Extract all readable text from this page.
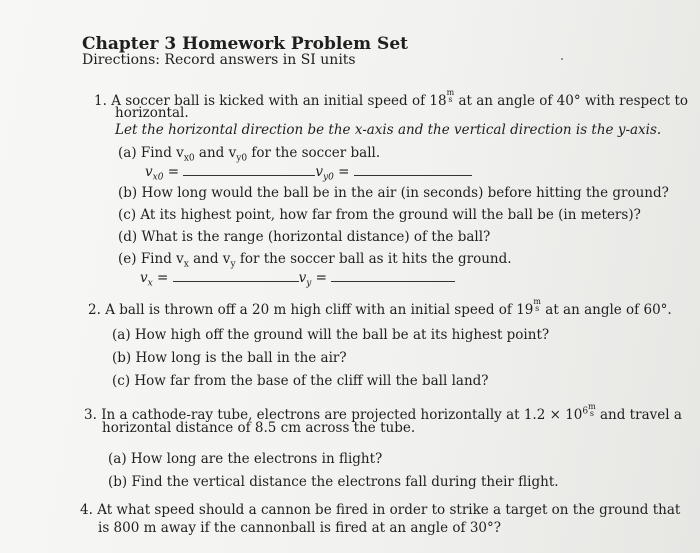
Chapter 3 Homework Problem Set
Directions: Record answers in SI units
1. A soccer ball is kicked with an initial speed of 18
m
s at an angle of 40° with respect to
horizontal.
Let the horizontal direction be the x-axis and the vertical direction is the y-axis.
(a) Find $v_{x0}$ and $v_{y0}$ for the soccer ball.
$v_{x0}$ =	$v_{y0}$ =
(b) How long would the ball be in the air (in seconds) before hitting the ground?
(c) At its highest point, how far from the ground will the ball be (in meters)?
(d) What is the range (horizontal distance) of the ball?
(e) Find $v_x$ and $v_y$ for the soccer ball as it hits the ground.
$v_x$ =	$v_y$ =
2. A ball is thrown off a 20 m high cliff with an initial speed of 19
m
s at an angle of 60°.
(a) How high off the ground will the ball be at its highest point?
(b) How long is the ball in the air?
(c) How far from the base of the cliff will the ball land?
3. In a cathode-ray tube, electrons are projected horizontally at $1.2 \times 10^6$ m
s and travel a
horizontal distance of 8.5 cm across the tube.
(a) How long are the electrons in flight?
(b) Find the vertical distance the electrons fall during their flight.
4. At what speed should a cannon be fired in order to strike a target on the ground that
is 800 m away if the cannonball is fired at an angle of 30°?
